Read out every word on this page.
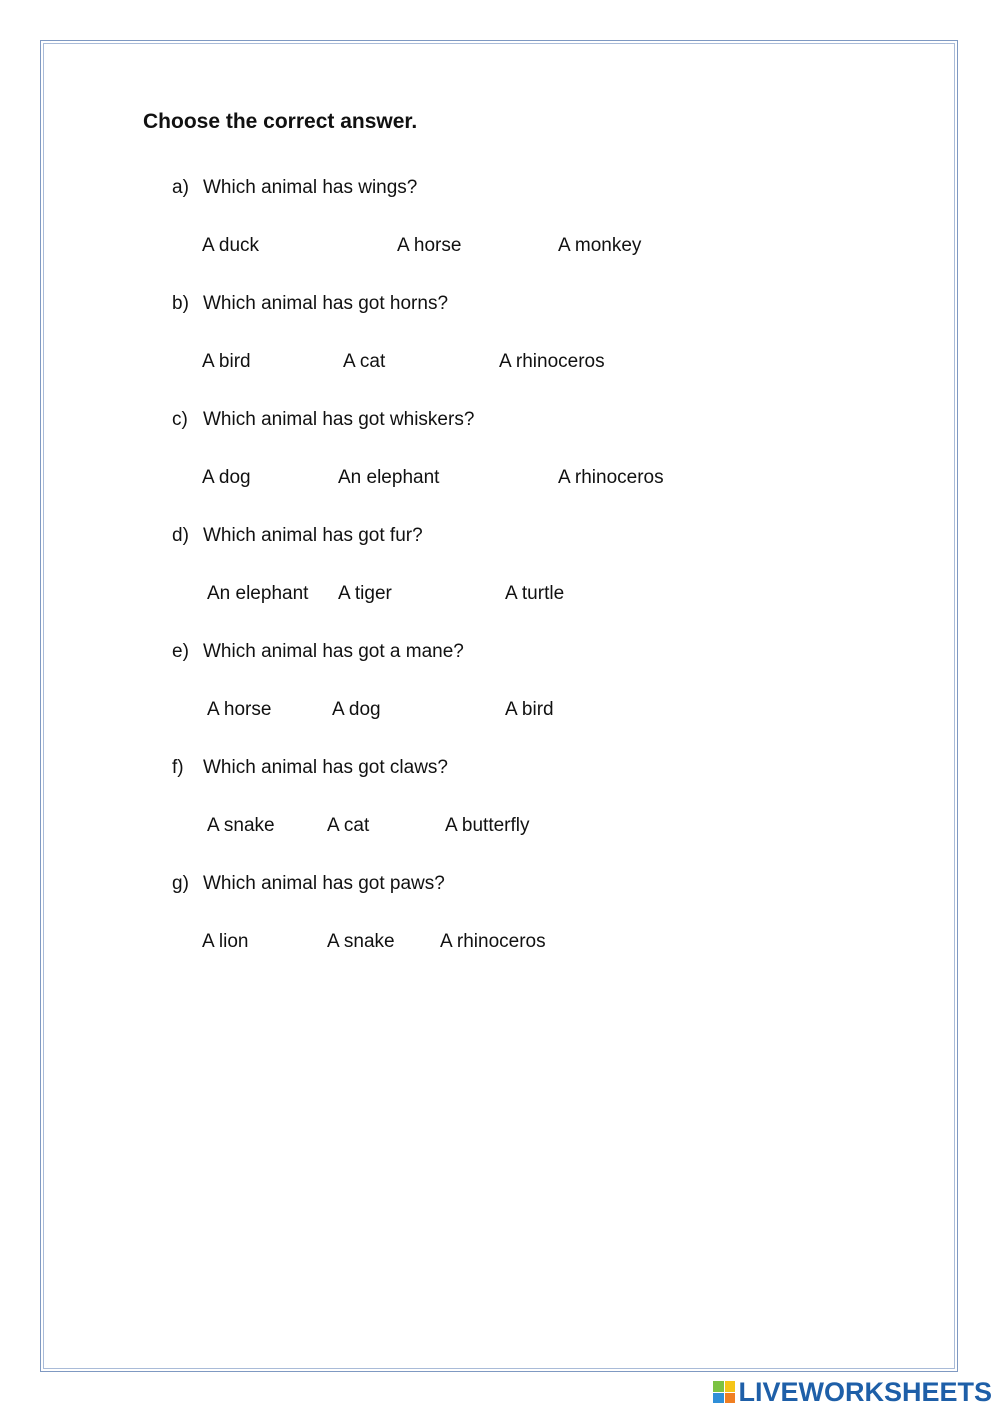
Choose the correct answer.
a) Which animal has wings?
A duck	A horse	A monkey
b) Which animal has got horns?
A bird	A cat	A rhinoceros
c) Which animal has got whiskers?
A dog	An elephant	A rhinoceros
d) Which animal has got fur?
An elephant A tiger	A turtle
e) Which animal has got a mane?
A horse	A dog	A bird
f)	Which animal has got claws?
A snake	A cat	A butterfly
g) Which animal has got paws?
A lion	A snake A rhinoceros
LIVEWORKSHEETS
